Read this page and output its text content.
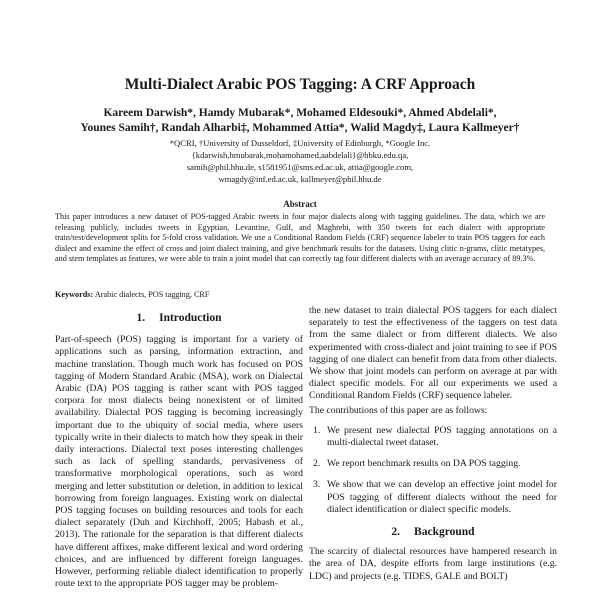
Multi-Dialect Arabic POS Tagging: A CRF Approach
Kareem Darwish*, Hamdy Mubarak*, Mohamed Eldesouki*, Ahmed Abdelali*,
Younes Samih†, Randah Alharbi‡, Mohammed Attia*, Walid Magdy‡, Laura Kallmeyer†
*QCRI, †University of Dusseldorf, ‡University of Edinburgh, *Google Inc.
{kdarwish,hmubarak,mohamohamed,aabdelali}@hbku.edu.qa,
samih@phil.hhu.de, s1581951@sms.ed.ac.uk, attia@google.com,
wmagdy@inf.ed.ac.uk, kallmeyer@phil.hhu.de
Abstract
This paper introduces a new dataset of POS-tagged Arabic tweets in four major dialects along with tagging guidelines. The data, which we are releasing publicly, includes tweets in Egyptian, Levantine, Gulf, and Maghrebi, with 350 tweets for each dialect with appropriate train/test/development splits for 5-fold cross validation. We use a Conditional Random Fields (CRF) sequence labeler to train POS taggers for each dialect and examine the effect of cross and joint dialect training, and give benchmark results for the datasets. Using clitic n-grams, clitic metatypes, and stem templates as features, we were able to train a joint model that can correctly tag four different dialects with an average accuracy of 89.3%.
Keywords: Arabic dialects, POS tagging, CRF
1. Introduction

Part-of-speech (POS) tagging is important for a variety of applications such as parsing, information extraction, and machine translation. Though much work has focused on POS tagging of Modern Standard Arabic (MSA), work on Dialectal Arabic (DA) POS tagging is rather scant with POS tagged corpora for most dialects being nonexistent or of limited availability. Dialectal POS tagging is becoming increasingly important due to the ubiquity of social media, where users typically write in their dialects to match how they speak in their daily interactions. Dialectal text poses interesting challenges such as lack of spelling standards, pervasiveness of transformative morphological operations, such as word merging and letter substitution or deletion, in addition to lexical borrowing from foreign languages. Existing work on dialectal POS tagging focuses on building resources and tools for each dialect separately (Duh and Kirchhoff, 2005; Habash et al., 2013). The rationale for the separation is that different dialects have different affixes, make different lexical and word ordering choices, and are influenced by different foreign languages. However, performing reliable dialect identification to properly route text to the appropriate POS tagger may be problem-

the new dataset to train dialectal POS taggers for each dialect separately to test the effectiveness of the taggers on test data from the same dialect or from different dialects. We also experimented with cross-dialect and joint training to see if POS tagging of one dialect can benefit from data from other dialects. We show that joint models can perform on average at par with dialect specific models. For all our experiments we used a Conditional Random Fields (CRF) sequence labeler.

The contributions of this paper are as follows:

1. We present new dialectal POS tagging annotations on a multi-dialectal tweet dataset.
2. We report benchmark results on DA POS tagging.
3. We show that we can develop an effective joint model for POS tagging of different dialects without the need for dialect identification or dialect specific models.
2. Background

The scarcity of dialectal resources have hampered research in the area of DA, despite efforts from large institutions (e.g. LDC) and projects (e.g. TIDES, GALE and BOLT)
